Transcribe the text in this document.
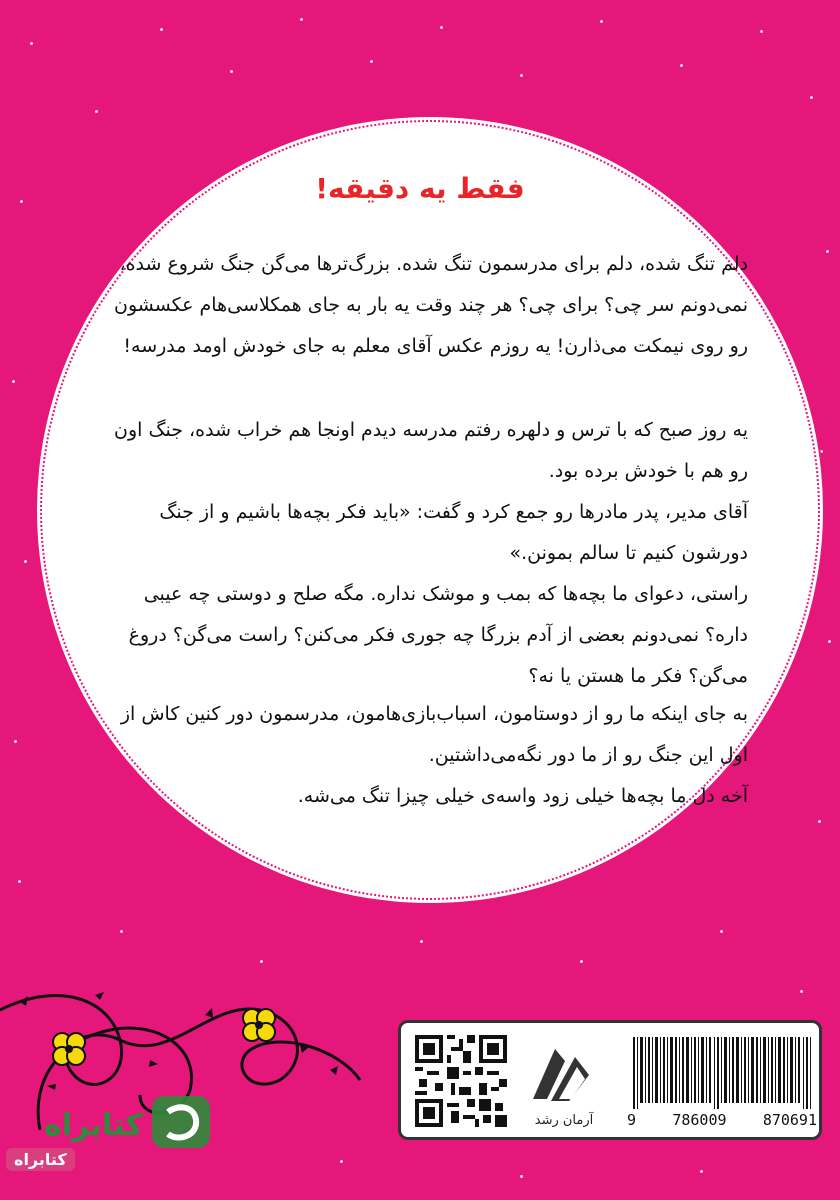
فقط یه دقیقه!

دلم تنگ شده، دلم برای مدرسمون تنگ شده. بزرگ‌ترها می‌گن جنگ شروع شده، نمی‌دونم سر چی؟ برای چی؟ هر چند وقت یه بار به جای همکلاسی‌هام عکسشون رو روی نیمکت می‌ذارن! یه روزم عکس آقای معلم به جای خودش اومد مدرسه!

یه روز صبح که با ترس و دلهره رفتم مدرسه دیدم اونجا هم خراب شده، جنگ اون رو هم با خودش برده بود.

آقای مدیر، پدر مادرها رو جمع کرد و گفت: «باید فکر بچه‌ها باشیم و از جنگ دورشون کنیم تا سالم بمونن.»

راستی، دعوای ما بچه‌ها که بمب و موشک نداره. مگه صلح و دوستی چه عیبی داره؟ نمی‌دونم بعضی از آدم بزرگا چه جوری فکر می‌کنن؟ راست می‌گن؟ دروغ می‌گن؟ فکر ما هستن یا نه؟

به جای اینکه ما رو از دوستامون، اسباب‌بازی‌هامون، مدرسمون دور کنین کاش از اول این جنگ رو از ما دور نگه‌می‌داشتین.

آخه دل ما بچه‌ها خیلی زود واسه‌ی خیلی چیزا تنگ می‌شه.

آرمان رشد	9 786009 870691
کتابراه
کتابراه
